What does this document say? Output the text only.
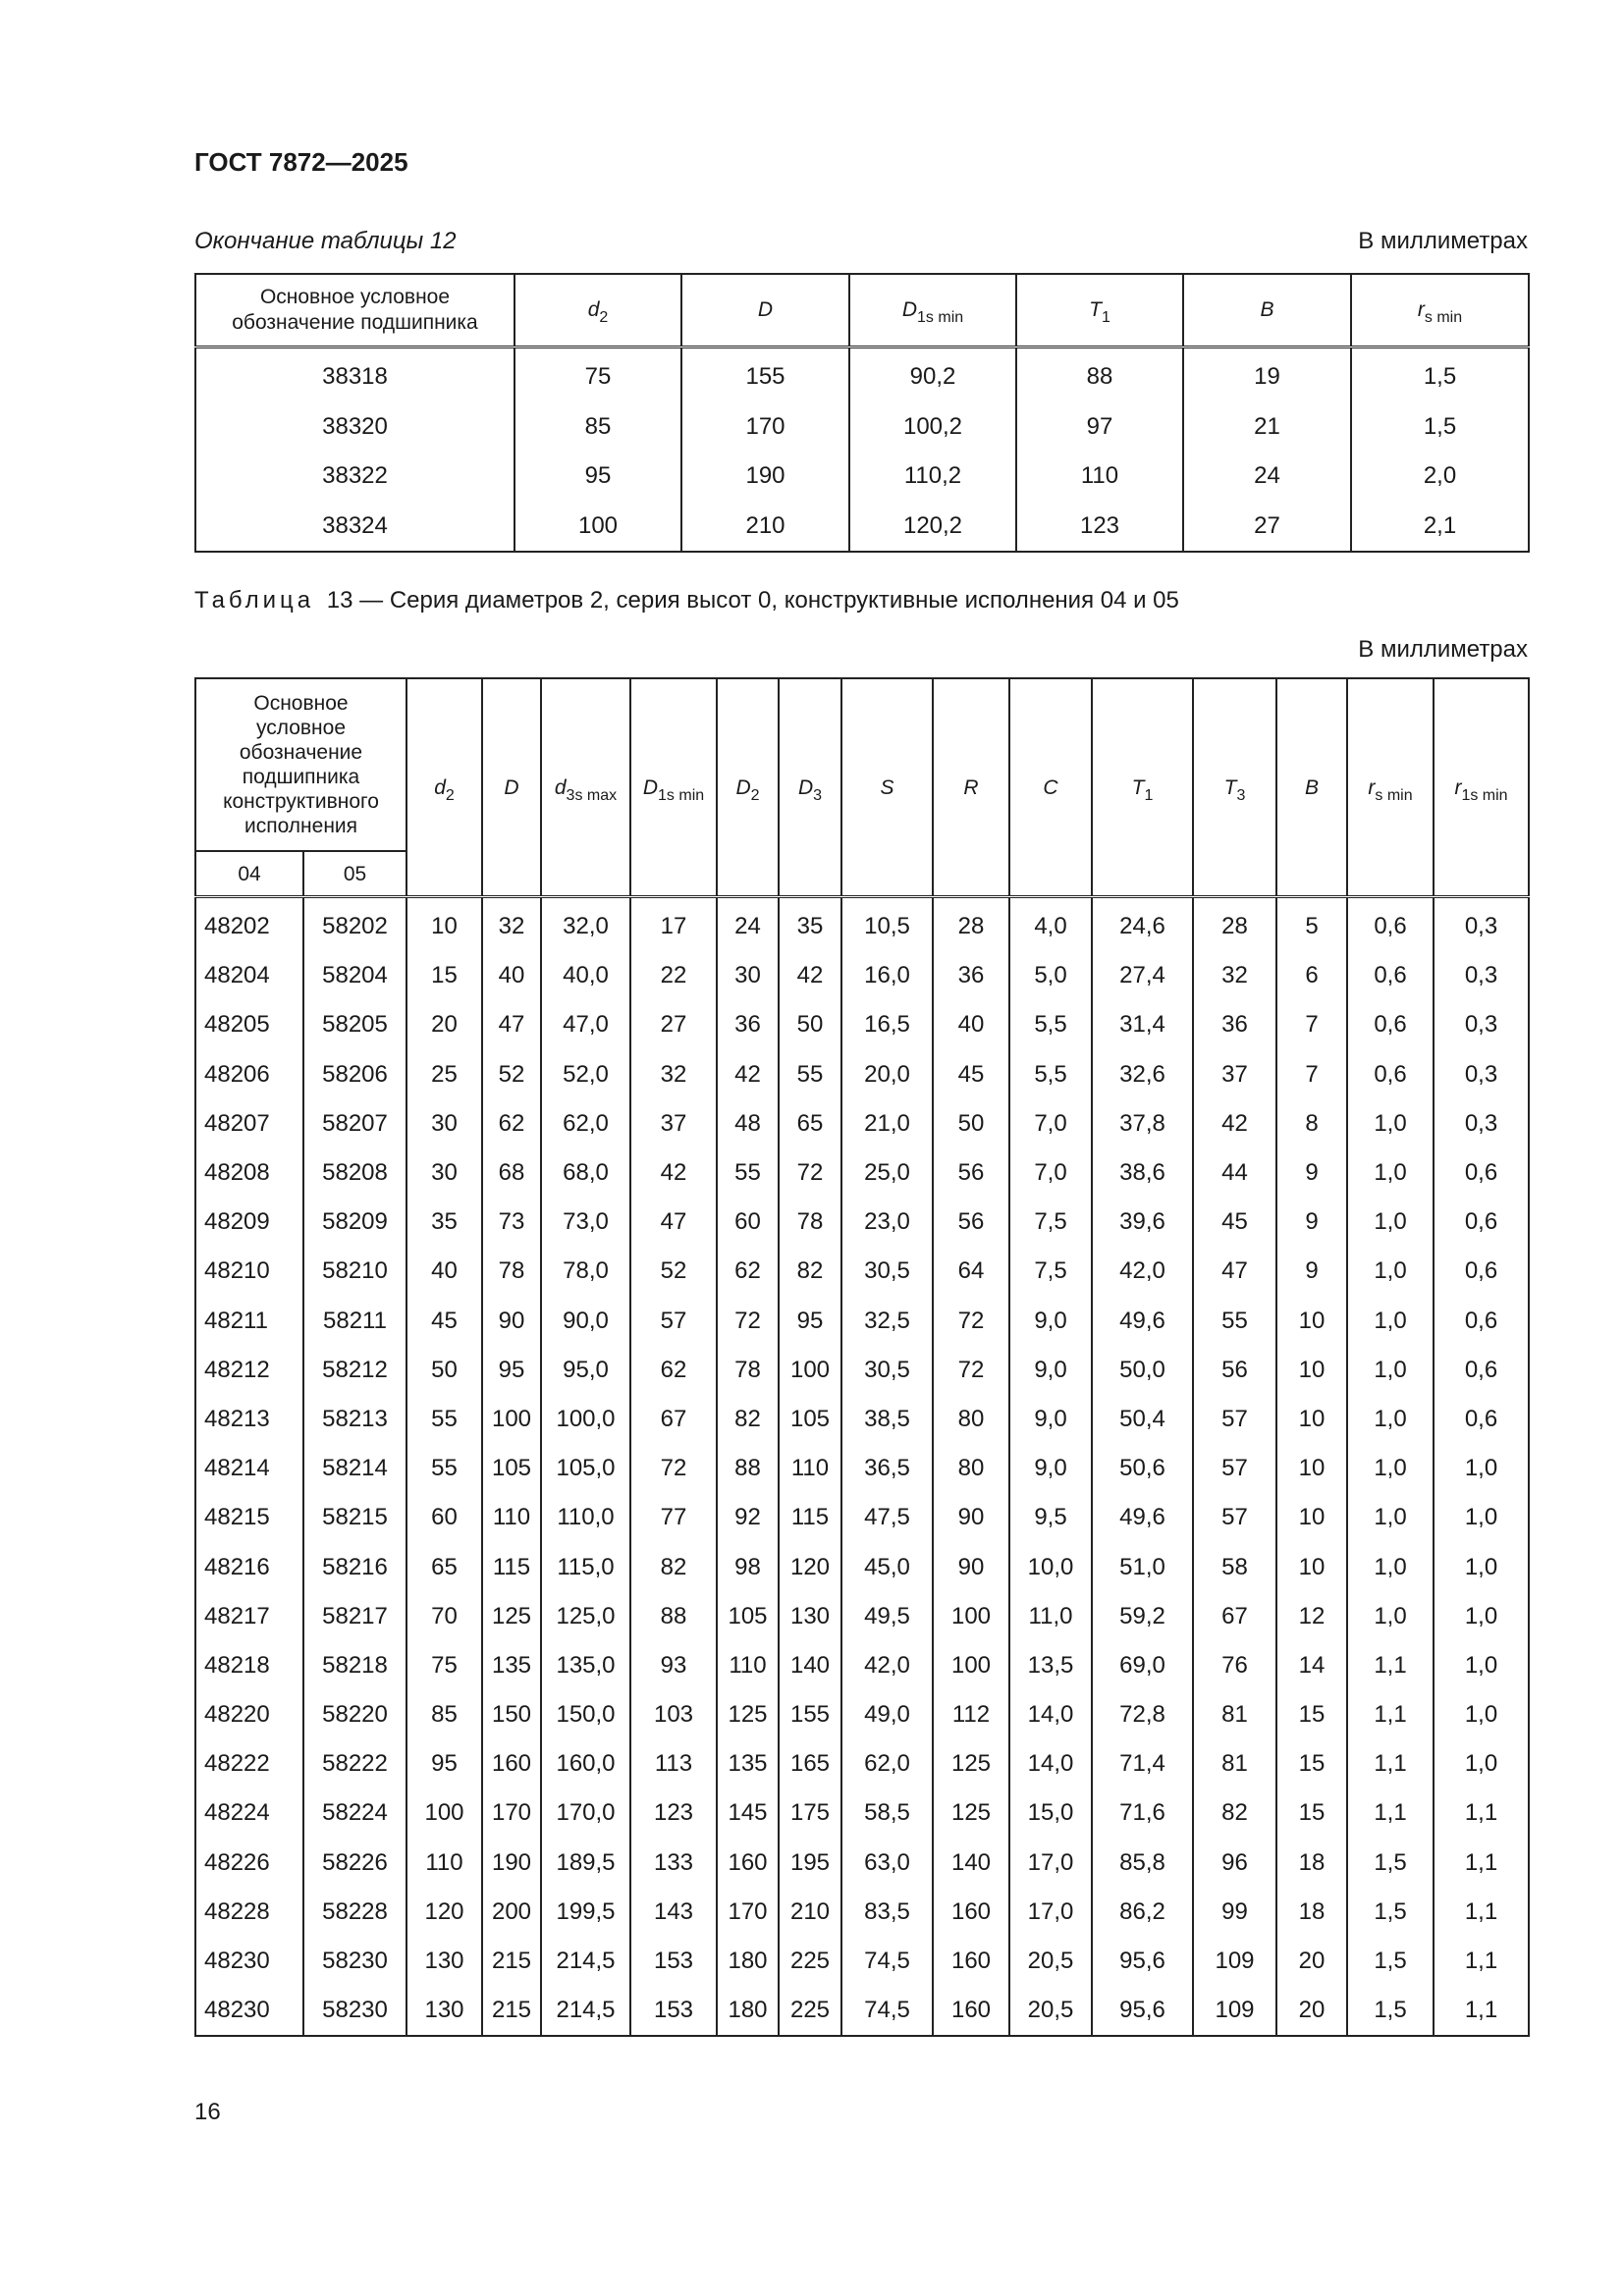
ГОСТ 7872—2025
Окончание таблицы 12	В миллиметрах
Основное условное обозначение подшипника	$d_2$	D	$D_{1s min}$	$T_1$	B	$r_{s min}$
38318	75	155	90,2	88	19	1,5
38320	85	170	100,2	97	21	1,5
38322	95	190	110,2	110	24	2,0
38324	100	210	120,2	123	27	2,1
Таблица 13 — Серия диаметров 2, серия высот 0, конструктивные исполнения 04 и 05
В миллиметрах
Основное условное обозначение подшипника конструктивного исполнения		$d_2$	D	$d_{3s max}$	$D_{1s min}$	$D_2$	$D_3$	S	R	C	$T_1$	$T_3$	B	$r_{s min}$	$r_{1s min}$
04	05														
48202	58202	10	32	32,0	17	24	35	10,5	28	4,0	24,6	28	5	0,6	0,3
48204	58204	15	40	40,0	22	30	42	16,0	36	5,0	27,4	32	6	0,6	0,3
48205	58205	20	47	47,0	27	36	50	16,5	40	5,5	31,4	36	7	0,6	0,3
48206	58206	25	52	52,0	32	42	55	20,0	45	5,5	32,6	37	7	0,6	0,3
48207	58207	30	62	62,0	37	48	65	21,0	50	7,0	37,8	42	8	1,0	0,3
48208	58208	30	68	68,0	42	55	72	25,0	56	7,0	38,6	44	9	1,0	0,6
48209	58209	35	73	73,0	47	60	78	23,0	56	7,5	39,6	45	9	1,0	0,6
48210	58210	40	78	78,0	52	62	82	30,5	64	7,5	42,0	47	9	1,0	0,6
48211	58211	45	90	90,0	57	72	95	32,5	72	9,0	49,6	55	10	1,0	0,6
48212	58212	50	95	95,0	62	78	100	30,5	72	9,0	50,0	56	10	1,0	0,6
48213	58213	55	100	100,0	67	82	105	38,5	80	9,0	50,4	57	10	1,0	0,6
48214	58214	55	105	105,0	72	88	110	36,5	80	9,0	50,6	57	10	1,0	1,0
48215	58215	60	110	110,0	77	92	115	47,5	90	9,5	49,6	57	10	1,0	1,0
48216	58216	65	115	115,0	82	98	120	45,0	90	10,0	51,0	58	10	1,0	1,0
48217	58217	70	125	125,0	88	105	130	49,5	100	11,0	59,2	67	12	1,0	1,0
48218	58218	75	135	135,0	93	110	140	42,0	100	13,5	69,0	76	14	1,1	1,0
48220	58220	85	150	150,0	103	125	155	49,0	112	14,0	72,8	81	15	1,1	1,0
48222	58222	95	160	160,0	113	135	165	62,0	125	14,0	71,4	81	15	1,1	1,0
48224	58224	100	170	170,0	123	145	175	58,5	125	15,0	71,6	82	15	1,1	1,1
48226	58226	110	190	189,5	133	160	195	63,0	140	17,0	85,8	96	18	1,5	1,1
48228	58228	120	200	199,5	143	170	210	83,5	160	17,0	86,2	99	18	1,5	1,1
48230	58230	130	215	214,5	153	180	225	74,5	160	20,5	95,6	109	20	1,5	1,1
48230	58230	130	215	214,5	153	180	225	74,5	160	20,5	95,6	109	20	1,5	1,1
16
